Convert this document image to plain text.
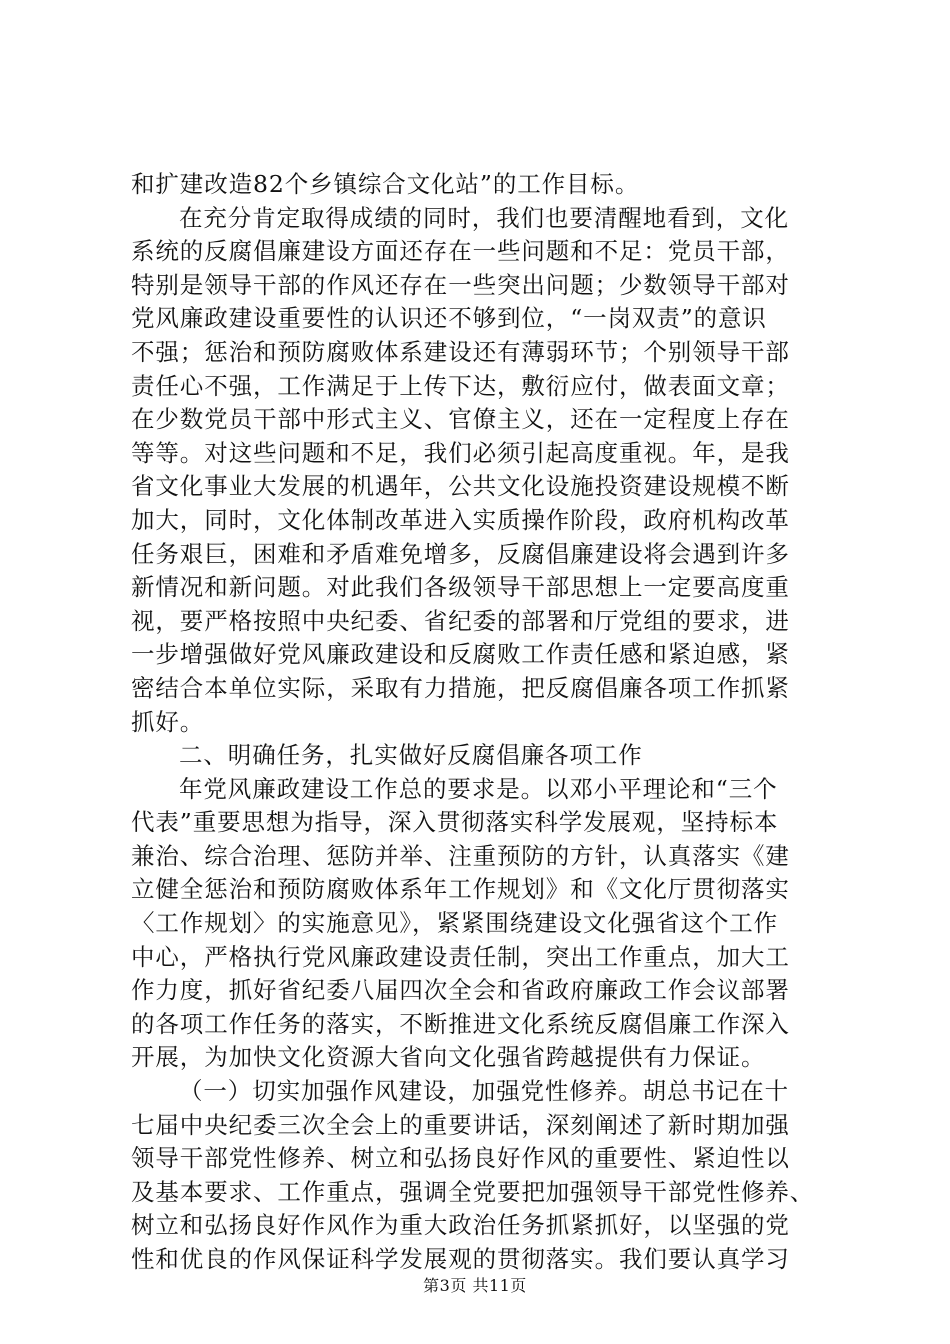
和扩建改造82个乡镇综合文化站”的工作目标。
在充分肯定取得成绩的同时，我们也要清醒地看到，文化
系统的反腐倡廉建设方面还存在一些问题和不足：党员干部，
特别是领导干部的作风还存在一些突出问题；少数领导干部对
党风廉政建设重要性的认识还不够到位，“一岗双责”的意识
不强；惩治和预防腐败体系建设还有薄弱环节；个别领导干部
责任心不强，工作满足于上传下达，敷衍应付，做表面文章；
在少数党员干部中形式主义、官僚主义，还在一定程度上存在
等等。对这些问题和不足，我们必须引起高度重视。年，是我
省文化事业大发展的机遇年，公共文化设施投资建设规模不断
加大，同时，文化体制改革进入实质操作阶段，政府机构改革
任务艰巨，困难和矛盾难免增多，反腐倡廉建设将会遇到许多
新情况和新问题。对此我们各级领导干部思想上一定要高度重
视，要严格按照中央纪委、省纪委的部署和厅党组的要求，进
一步增强做好党风廉政建设和反腐败工作责任感和紧迫感，紧
密结合本单位实际，采取有力措施，把反腐倡廉各项工作抓紧
抓好。
二、明确任务，扎实做好反腐倡廉各项工作
年党风廉政建设工作总的要求是。以邓小平理论和“三个
代表”重要思想为指导，深入贯彻落实科学发展观，坚持标本
兼治、综合治理、惩防并举、注重预防的方针，认真落实《建
立健全惩治和预防腐败体系年工作规划》和《文化厅贯彻落实
〈工作规划〉的实施意见》，紧紧围绕建设文化强省这个工作
中心，严格执行党风廉政建设责任制，突出工作重点，加大工
作力度，抓好省纪委八届四次全会和省政府廉政工作会议部署
的各项工作任务的落实，不断推进文化系统反腐倡廉工作深入
开展，为加快文化资源大省向文化强省跨越提供有力保证。
（一）切实加强作风建设，加强党性修养。胡总书记在十
七届中央纪委三次全会上的重要讲话，深刻阐述了新时期加强
领导干部党性修养、树立和弘扬良好作风的重要性、紧迫性以
及基本要求、工作重点，强调全党要把加强领导干部党性修养、
树立和弘扬良好作风作为重大政治任务抓紧抓好，以坚强的党
性和优良的作风保证科学发展观的贯彻落实。我们要认真学习
第3页 共11页
